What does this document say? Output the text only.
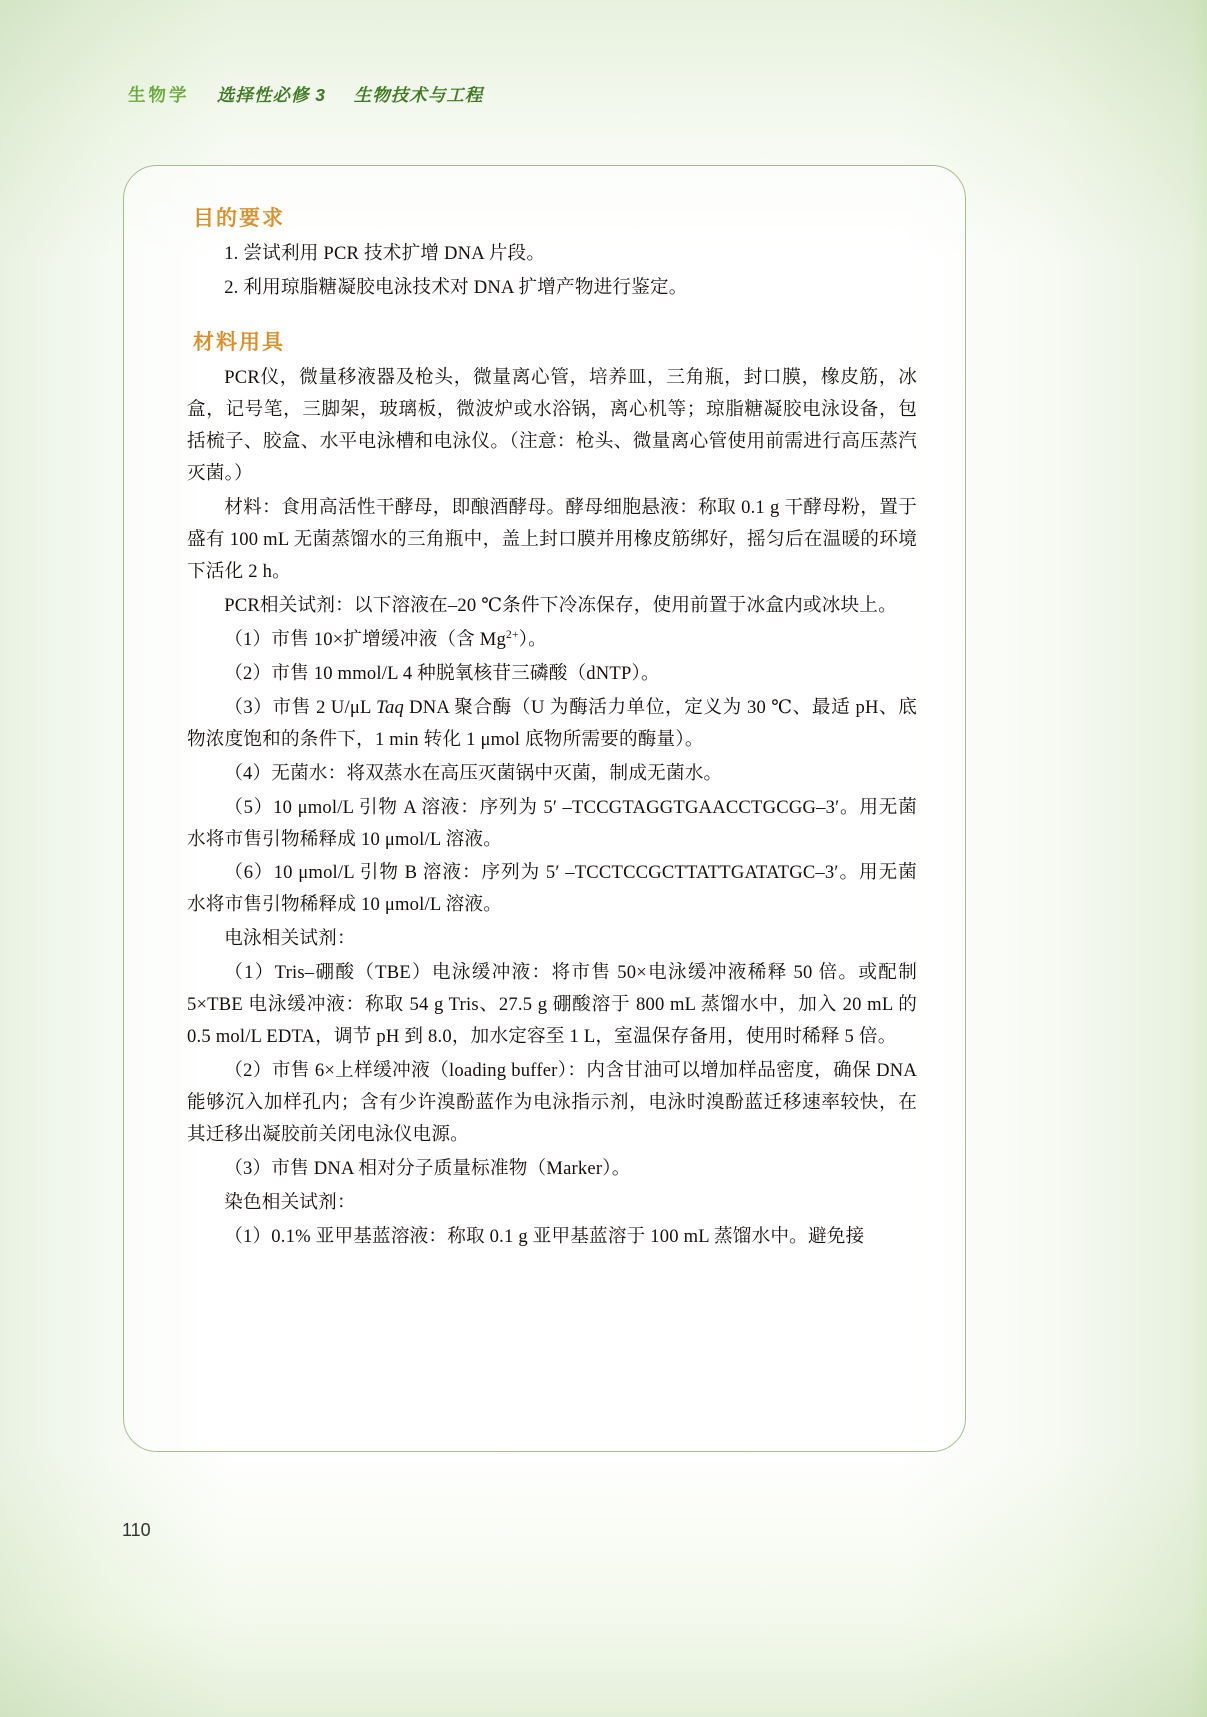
生物学 选择性必修 3 生物技术与工程
目的要求

1. 尝试利用 PCR 技术扩增 DNA 片段。

2. 利用琼脂糖凝胶电泳技术对 DNA 扩增产物进行鉴定。

材料用具

PCR仪，微量移液器及枪头，微量离心管，培养皿，三角瓶，封口膜，橡皮筋，冰盒，记号笔，三脚架，玻璃板，微波炉或水浴锅，离心机等；琼脂糖凝胶电泳设备，包括梳子、胶盒、水平电泳槽和电泳仪。（注意：枪头、微量离心管使用前需进行高压蒸汽灭菌。）

材料：食用高活性干酵母，即酿酒酵母。酵母细胞悬液：称取 0.1 g 干酵母粉，置于盛有 100 mL 无菌蒸馏水的三角瓶中，盖上封口膜并用橡皮筋绑好，摇匀后在温暖的环境下活化 2 h。

PCR相关试剂：以下溶液在–20 ℃条件下冷冻保存，使用前置于冰盒内或冰块上。

（1）市售 10×扩增缓冲液（含 $Mg^{2+}$）。

（2）市售 10 mmol/L 4 种脱氧核苷三磷酸（dNTP）。

（3）市售 2 U/μL Taq DNA 聚合酶（U 为酶活力单位，定义为 30 ℃、最适 pH、底物浓度饱和的条件下，1 min 转化 1 μmol 底物所需要的酶量）。

（4）无菌水：将双蒸水在高压灭菌锅中灭菌，制成无菌水。

（5）10 μmol/L 引物 A 溶液：序列为 5′ –TCCGTAGGTGAACCTGCGG–3′。用无菌水将市售引物稀释成 10 μmol/L 溶液。

（6）10 μmol/L 引物 B 溶液：序列为 5′ –TCCTCCGCTTATTGATATGC–3′。用无菌水将市售引物稀释成 10 μmol/L 溶液。

电泳相关试剂：

（1）Tris–硼酸（TBE）电泳缓冲液：将市售 50×电泳缓冲液稀释 50 倍。或配制 5×TBE 电泳缓冲液：称取 54 g Tris、27.5 g 硼酸溶于 800 mL 蒸馏水中，加入 20 mL 的 0.5 mol/L EDTA，调节 pH 到 8.0，加水定容至 1 L，室温保存备用，使用时稀释 5 倍。

（2）市售 6×上样缓冲液（loading buffer）：内含甘油可以增加样品密度，确保 DNA 能够沉入加样孔内；含有少许溴酚蓝作为电泳指示剂，电泳时溴酚蓝迁移速率较快，在其迁移出凝胶前关闭电泳仪电源。

（3）市售 DNA 相对分子质量标准物（Marker）。

染色相关试剂：

（1）0.1% 亚甲基蓝溶液：称取 0.1 g 亚甲基蓝溶于 100 mL 蒸馏水中。避免接

110
